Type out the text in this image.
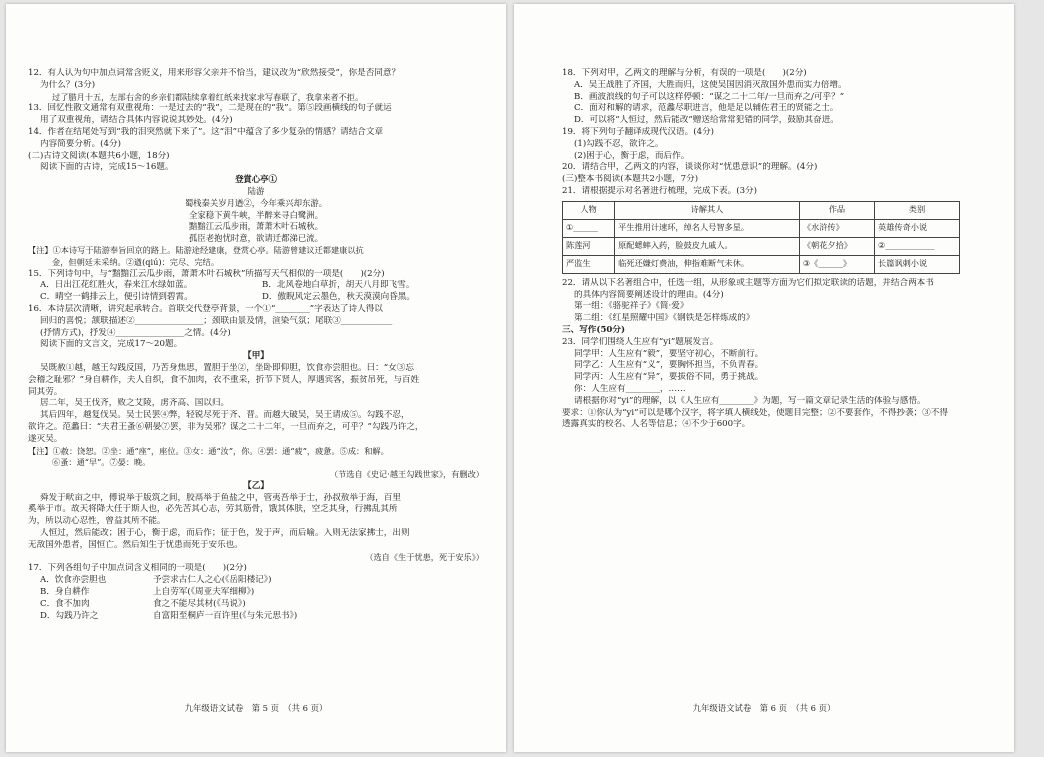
12．有人认为句中加点词常含贬义，用来形容父亲并不恰当，建议改为“欣然接受”，你是否同意？
为什么？(3分)
过了腊月十五，左部右舍的乡亲们都陆续拿着红纸来找家求写春联了，我拿来者不拒。
13．回忆性散文通常有双重视角：一是过去的“我”，二是现在的“我”。第⑤段画横线的句子就运
用了双重视角，请结合具体内容说说其妙处。(4分)
14．作者在结尾处写到“我的泪突然就下来了”。这“泪”中蕴含了多少复杂的情感？请结合文章
内容简要分析。(4分)
(二)古诗文阅读(本题共6小题，18分)
阅读下面的古诗，完成15～16题。
登賞心亭①
陆游
蜀栈秦关岁月遒②，今年乘兴却东游。
全家稳下黄牛峡，半醉来寻白鹭洲。
黯黯江云瓜步雨，萧萧木叶石城秋。
孤臣老抱忧时意，欲请迁都涕已流。
【注】①本诗写于陆游奉旨回京的路上。陆游途经建康，登赏心亭。陆游曾建议迁都建康以抗
金，但朝廷未采纳。②遒(qiú)：完尽、完结。
15．下列诗句中，与“黯黯江云瓜步雨，萧萧木叶石城秋”所描写天气相似的一项是(　　)(2分)
A．日出江花红胜火，春来江水绿如蓝。	B．北风卷地白草折，胡天八月即飞雪。
C．晴空一鹤排云上，便引诗情到碧霄。	D．傲睨风定云墨色，秋天漠漠向昏黑。
16．本诗层次清晰，讲究起承转合。首联交代登亭背景，一个①“________”字表达了诗人得以
回归的喜悦；颔联描述②________________；颈联由景及情，渲染气氛；尾联③____________
(抒情方式)，抒发④________________之情。(4分)
阅读下面的文言文，完成17～20题。
【甲】
吴既赦①越，越王勾践反国，乃苦身焦思，置胆于坐②，坐卧即仰胆，饮食亦尝胆也。曰：“女③忘
会稽之耻邪？”身自耕作，夫人自织，食不加肉，衣不重采，折节下贤人，厚遇宾客，振贫吊死，与百姓
同其劳。
居二年，吴王伐齐，败之艾陵，虏齐高、国以归。
其后四年，越复伐吴。吴士民罢④弊，轻锐尽死于齐、晋。而越大破吴，吴王请成⑤。勾践不忍，
欲许之。范蠡曰：“夫君王蚤⑥朝晏⑦罢，非为吴邪？谋之二十二年，一旦而弃之，可乎？”勾践乃许之，
遂灭吴。
【注】①赦：饶恕。②坐：通“座”，座位。③女：通“汝”，你。④罢：通“疲”，疲惫。⑤成：和解。
⑥蚤：通“早”。⑦晏：晚。
（节选自《史记·越王勾践世家》，有删改）
【乙】
舜发于畎亩之中，傅说举于版筑之间，胶鬲举于鱼盐之中，管夷吾举于士，孙叔敖举于海，百里
奚举于市。故天将降大任于斯人也，必先苦其心志，劳其筋骨，饿其体肤，空乏其身，行拂乱其所
为，所以动心忍性，曾益其所不能。
人恒过，然后能改；困于心，衡于虑，而后作；征于色，发于声，而后喻。入则无法家拂士，出则
无敌国外患者，国恒亡。然后知生于忧患而死于安乐也。
（选自《生于忧患，死于安乐》）
17．下列各组句子中加点词含义相同的一项是(　　)(2分)
A．饮食亦尝胆也	予尝求古仁人之心(《岳阳楼记》)
B．身自耕作	上自劳军(《周亚夫军细柳》)
C．食不加肉	食之不能尽其材(《马说》)
D．勾践乃许之	自富阳至桐庐一百许里(《与朱元思书》)
九年级语文试卷　第 5 页　（共 6 页）
18．下列对甲，乙两文的理解与分析，有误的一项是(　　)(2分)
A．吴王战胜了齐国，大胜而归，这使吴国因消灭敌国外患而实力倍增。
B．画波浪线的句子可以这样停顿：“谋之二十二年/一旦而弃之/可乎？”
C．面对和解的请求，范蠡尽职进言，他是足以辅佐君王的贤能之士。
D．可以将“人恒过，然后能改”赠送给常常犯错的同学，鼓励其奋进。
19．将下列句子翻译成现代汉语。(4分)
(1)勾践不忍，欲许之。
(2)困于心，衡于虑，而后作。
20．请结合甲，乙两文的内容，谈谈你对“忧患意识”的理解。(4分)
(三)整本书阅读(本题共2小题，7分)
21．请根据提示对名著进行梳理，完成下表。(3分)
人物	诗解其人	作品	类别
①______	平生推用计速环，绰名人号智多星。	《水浒传》	英雄传奇小说
陈莲河	原配蟋蟀入药，脸鼓皮九戚人。	《朝花夕拾》	②____________
严监生	临死还嫌灯费油，伸指难断气未休。	③《______》	长篇讽刺小说
22．请从以下名著组合中，任选一组，从形象或主题等方面为它们拟定联读的话题，并结合两本书
的具体内容简要阐述设计的理由。(4分)
第一组：《骆驼祥子》《简·爱》
第二组：《红星照耀中国》《钢铁是怎样炼成的》
三、写作(50分)
23．同学们围绕人生应有“yi”题展发言。
同学甲：人生应有“毅”，要坚守初心，不断前行。
同学乙：人生应有“义”，要胸怀担当，不负青春。
同学丙：人生应有“异”，要拔俗不同，勇于挑战。
你：人生应有________，……
请根据你对“yi”的理解，以《人生应有________》为题，写一篇文章记录生活的体验与感悟。
要求：①你认为“yi”可以是哪个汉字，将字填人横线处，使题目完整；②不要套作，不得抄袭；③不得
透露真实的校名、人名等信息；④不少于600字。
九年级语文试卷　第 6 页　（共 6 页）
